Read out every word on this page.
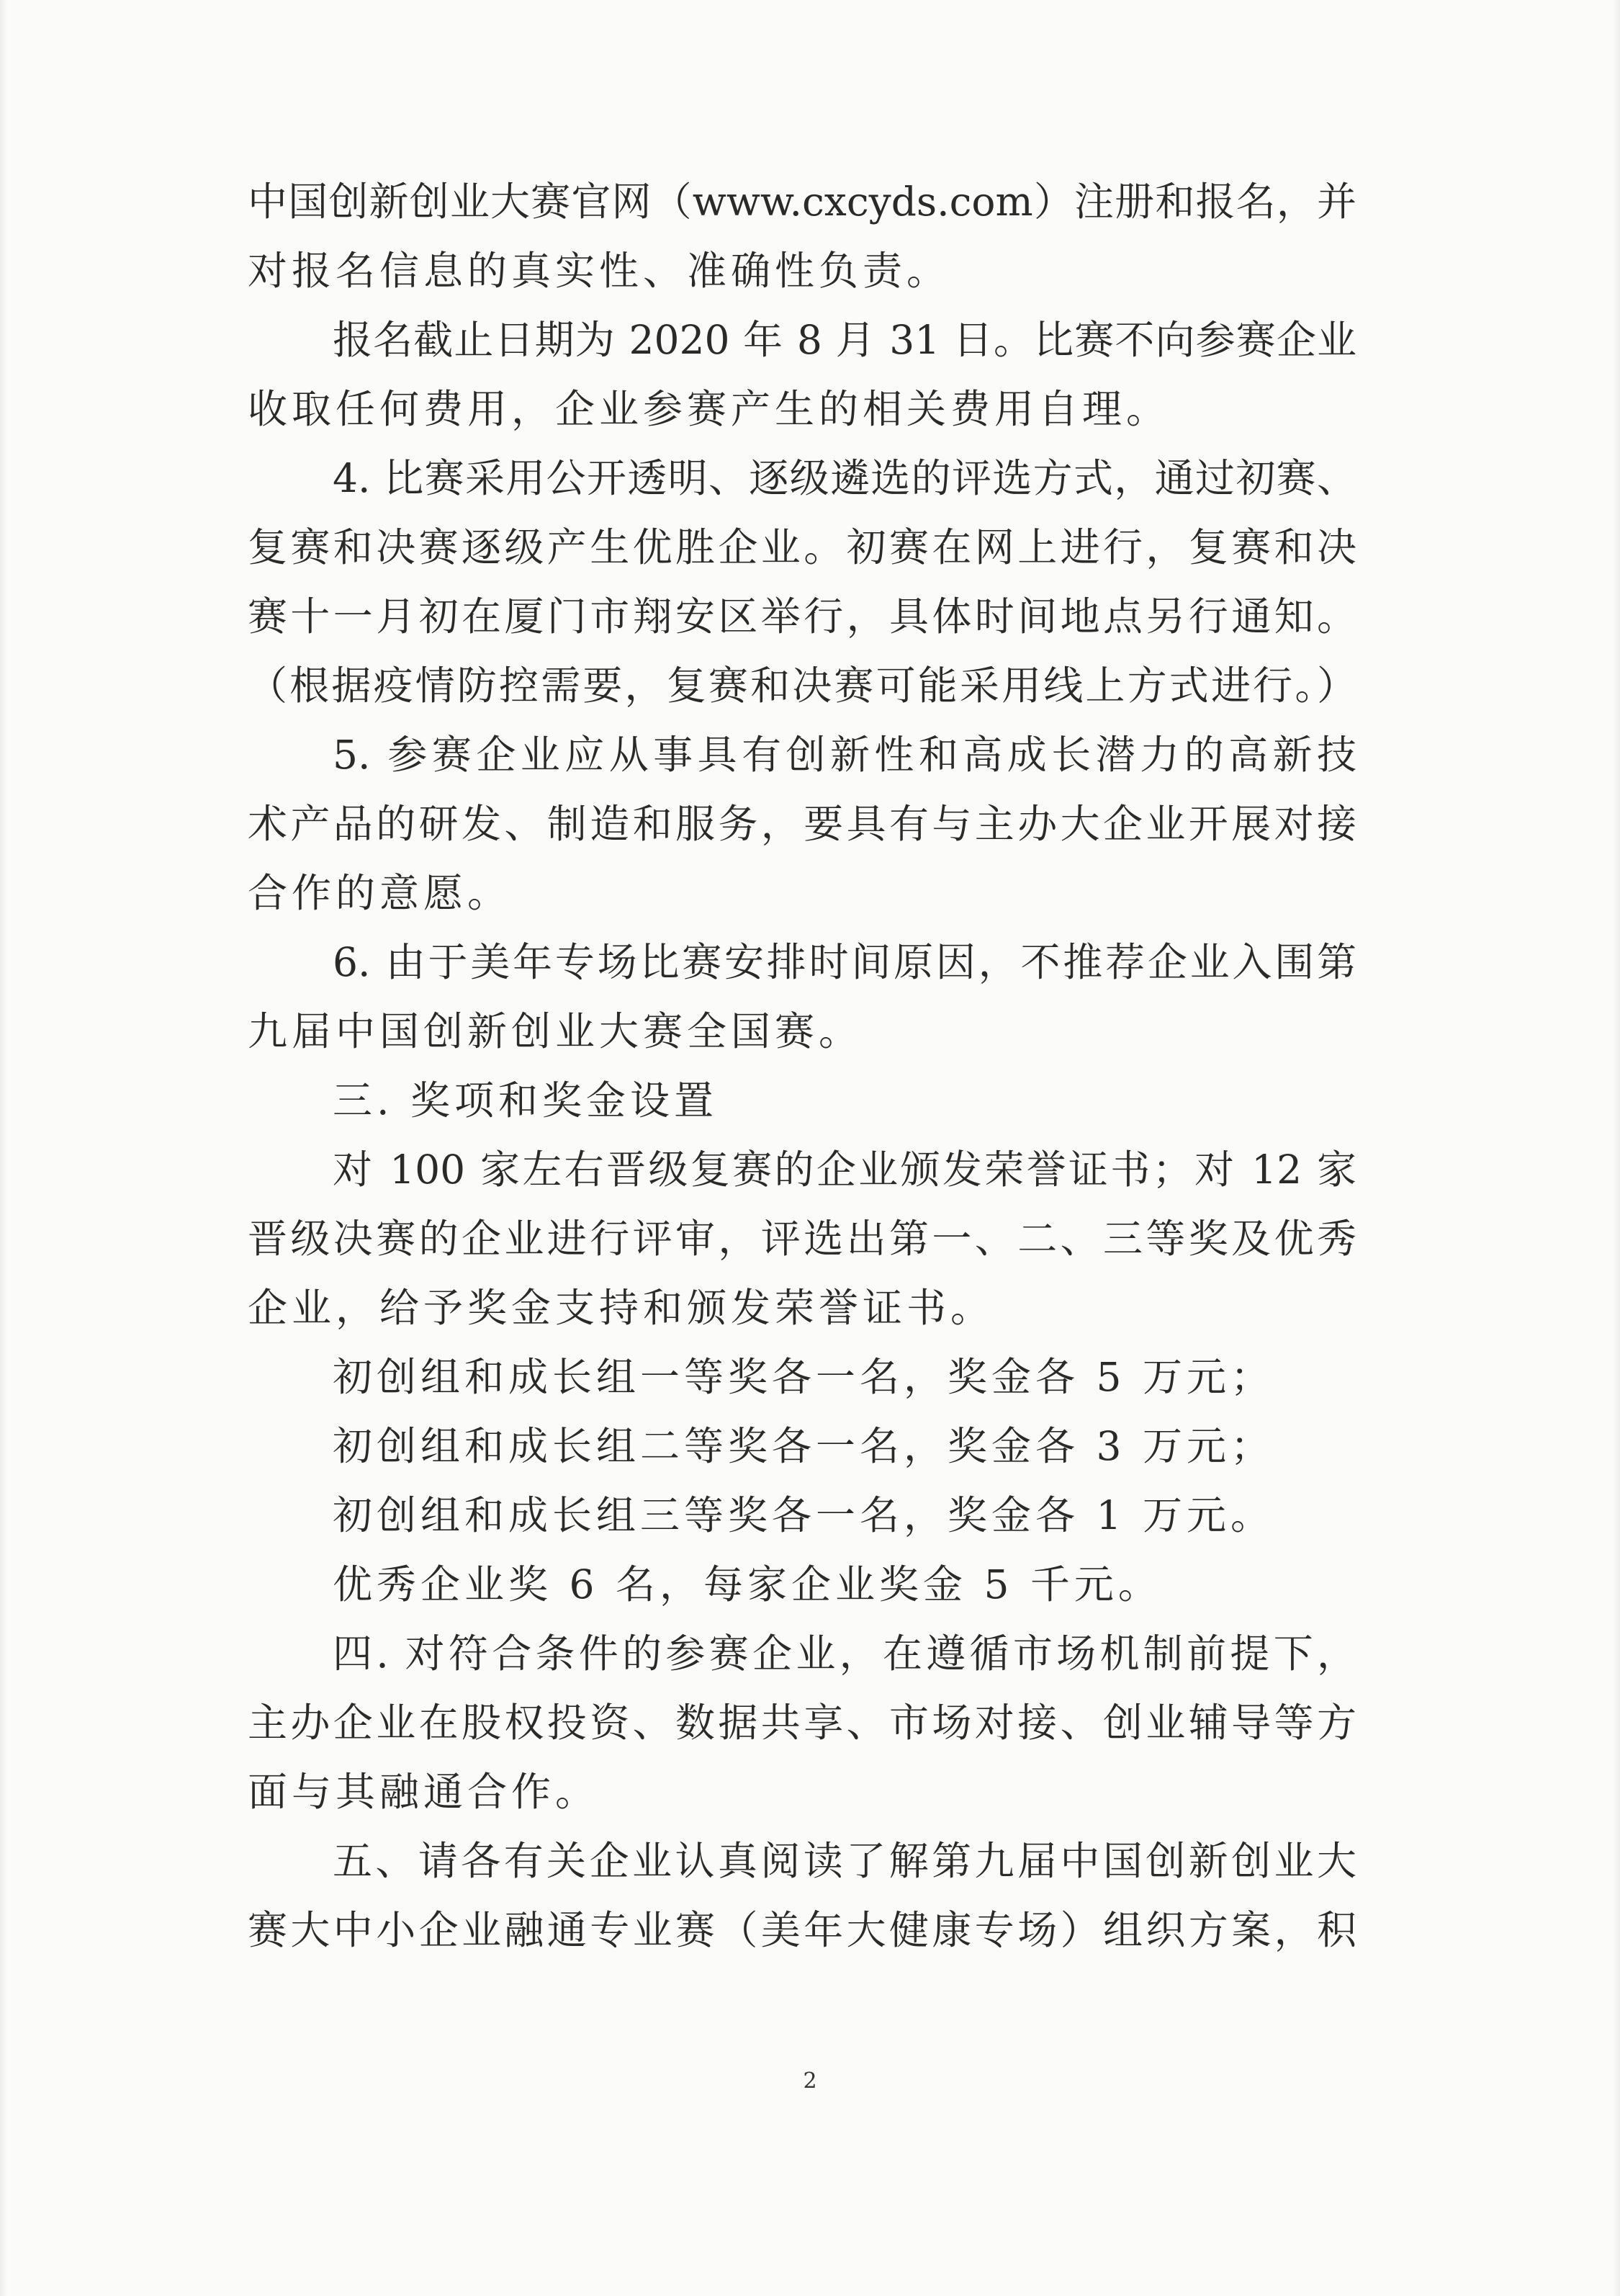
中国创新创业大赛官网（www.cxcyds.com）注册和报名，并
对报名信息的真实性、准确性负责。
报名截止日期为 2020 年 8 月 31 日。比赛不向参赛企业
收取任何费用，企业参赛产生的相关费用自理。
4. 比赛采用公开透明、逐级遴选的评选方式，通过初赛、
复赛和决赛逐级产生优胜企业。初赛在网上进行，复赛和决
赛十一月初在厦门市翔安区举行，具体时间地点另行通知。
（根据疫情防控需要，复赛和决赛可能采用线上方式进行。）
5. 参赛企业应从事具有创新性和高成长潜力的高新技
术产品的研发、制造和服务，要具有与主办大企业开展对接
合作的意愿。
6. 由于美年专场比赛安排时间原因，不推荐企业入围第
九届中国创新创业大赛全国赛。
三. 奖项和奖金设置
对 100 家左右晋级复赛的企业颁发荣誉证书；对 12 家
晋级决赛的企业进行评审，评选出第一、二、三等奖及优秀
企业，给予奖金支持和颁发荣誉证书。
初创组和成长组一等奖各一名，奖金各 5 万元；
初创组和成长组二等奖各一名，奖金各 3 万元；
初创组和成长组三等奖各一名，奖金各 1 万元。
优秀企业奖 6 名，每家企业奖金 5 千元。
四. 对符合条件的参赛企业，在遵循市场机制前提下，
主办企业在股权投资、数据共享、市场对接、创业辅导等方
面与其融通合作。
五、请各有关企业认真阅读了解第九届中国创新创业大
赛大中小企业融通专业赛（美年大健康专场）组织方案，积
2
